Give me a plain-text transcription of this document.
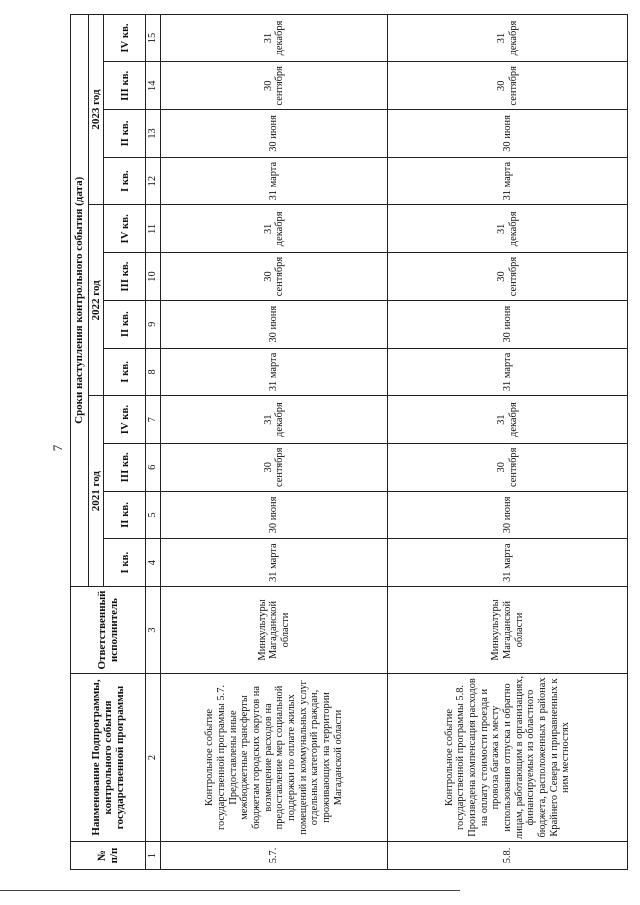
7
№ п/п	Наименование Подпрограммы, контрольного события государственной программы	Ответственный исполнитель	Сроки наступления контрольного события (дата)											
			2021 год				2022 год				2023 год			
			I кв.	II кв.	III кв.	IV кв.	I кв.	II кв.	III кв.	IV кв.	I кв.	II кв.	III кв.	IV кв.
1	2	3	4	5	6	7	8	9	10	11	12	13	14	15
5.7.	Контрольное событие государственной программы 5.7. Предоставлены иные межбюджетные трансферты бюджетам городских округов на возмещение расходов на предоставление мер социальной поддержки по оплате жилых помещений и коммунальных услуг отдельных категорий граждан, проживающих на территории Магаданской области	Минкультуры Магаданской области	31 марта	30 июня	30 сентября	31 декабря	31 марта	30 июня	30 сентября	31 декабря	31 марта	30 июня	30 сентября	31 декабря
5.8.	Контрольное событие государственной программы 5.8. Произведена компенсация расходов на оплату стоимости проезда и провоза багажа к месту использования отпуска и обратно лицам, работающим в организациях, финансируемых из областного бюджета, расположенных в районах Крайнего Севера и приравненных к ним местностях	Минкультуры Магаданской области	31 марта	30 июня	30 сентября	31 декабря	31 марта	30 июня	30 сентября	31 декабря	31 марта	30 июня	30 сентября	31 декабря
